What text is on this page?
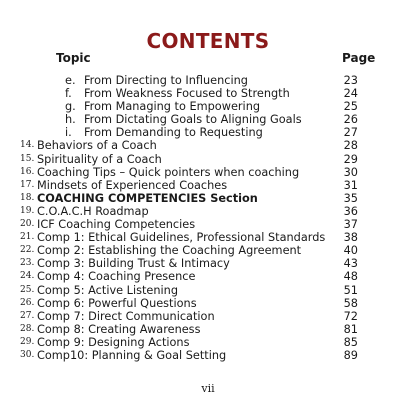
CONTENTS
Topic	Page
e. From Directing to Influencing	23
f. From Weakness Focused to Strength	24
g. From Managing to Empowering	25
h. From Dictating Goals to Aligning Goals	26
i. From Demanding to Requesting	27
14. Behaviors of a Coach	28
15. Spirituality of a Coach	29
16. Coaching Tips – Quick pointers when coaching	30
17. Mindsets of Experienced Coaches	31
18. COACHING COMPETENCIES Section	35
19. C.O.A.C.H Roadmap	36
20. ICF Coaching Competencies	37
21. Comp 1: Ethical Guidelines, Professional Standards 38
22. Comp 2: Establishing the Coaching Agreement	40
23. Comp 3: Building Trust & Intimacy	43
24. Comp 4: Coaching Presence	48
25. Comp 5: Active Listening	51
26. Comp 6: Powerful Questions	58
27. Comp 7: Direct Communication	72
28. Comp 8: Creating Awareness	81
29. Comp 9: Designing Actions	85
30. Comp10: Planning & Goal Setting	89
vii
